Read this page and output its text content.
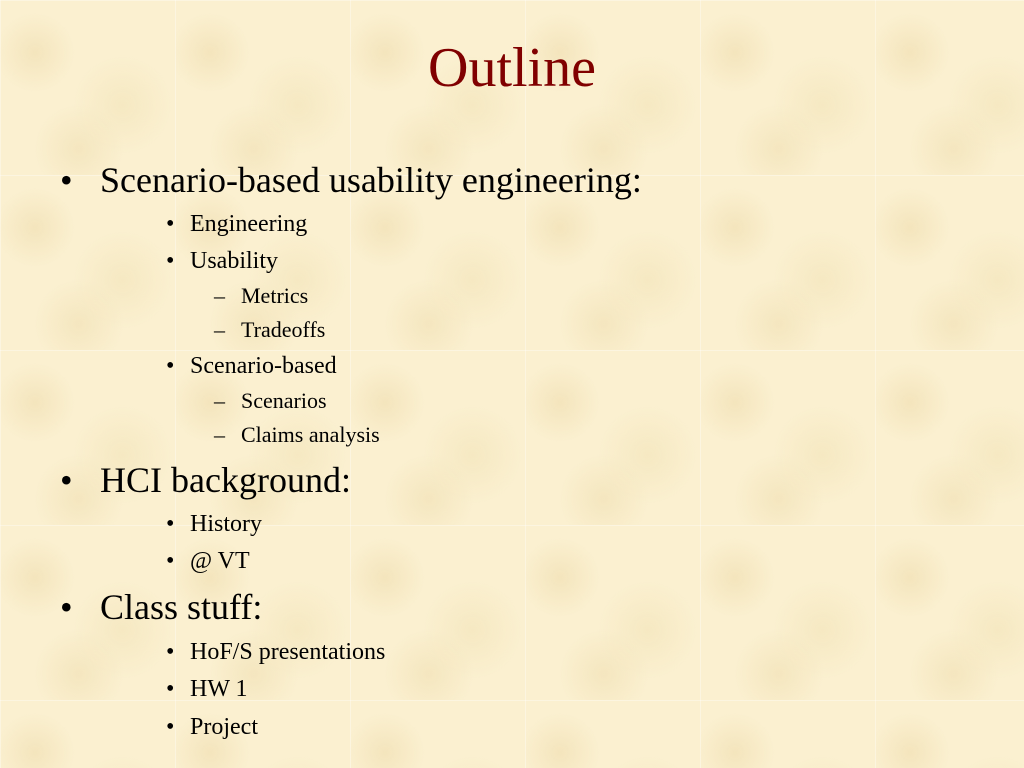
Outline
• Scenario-based usability engineering:
• Engineering
• Usability
– Metrics
– Tradeoffs
• Scenario-based
– Scenarios
– Claims analysis
• HCI background:
• History
• @ VT
• Class stuff:
• HoF/S presentations
• HW 1
• Project
